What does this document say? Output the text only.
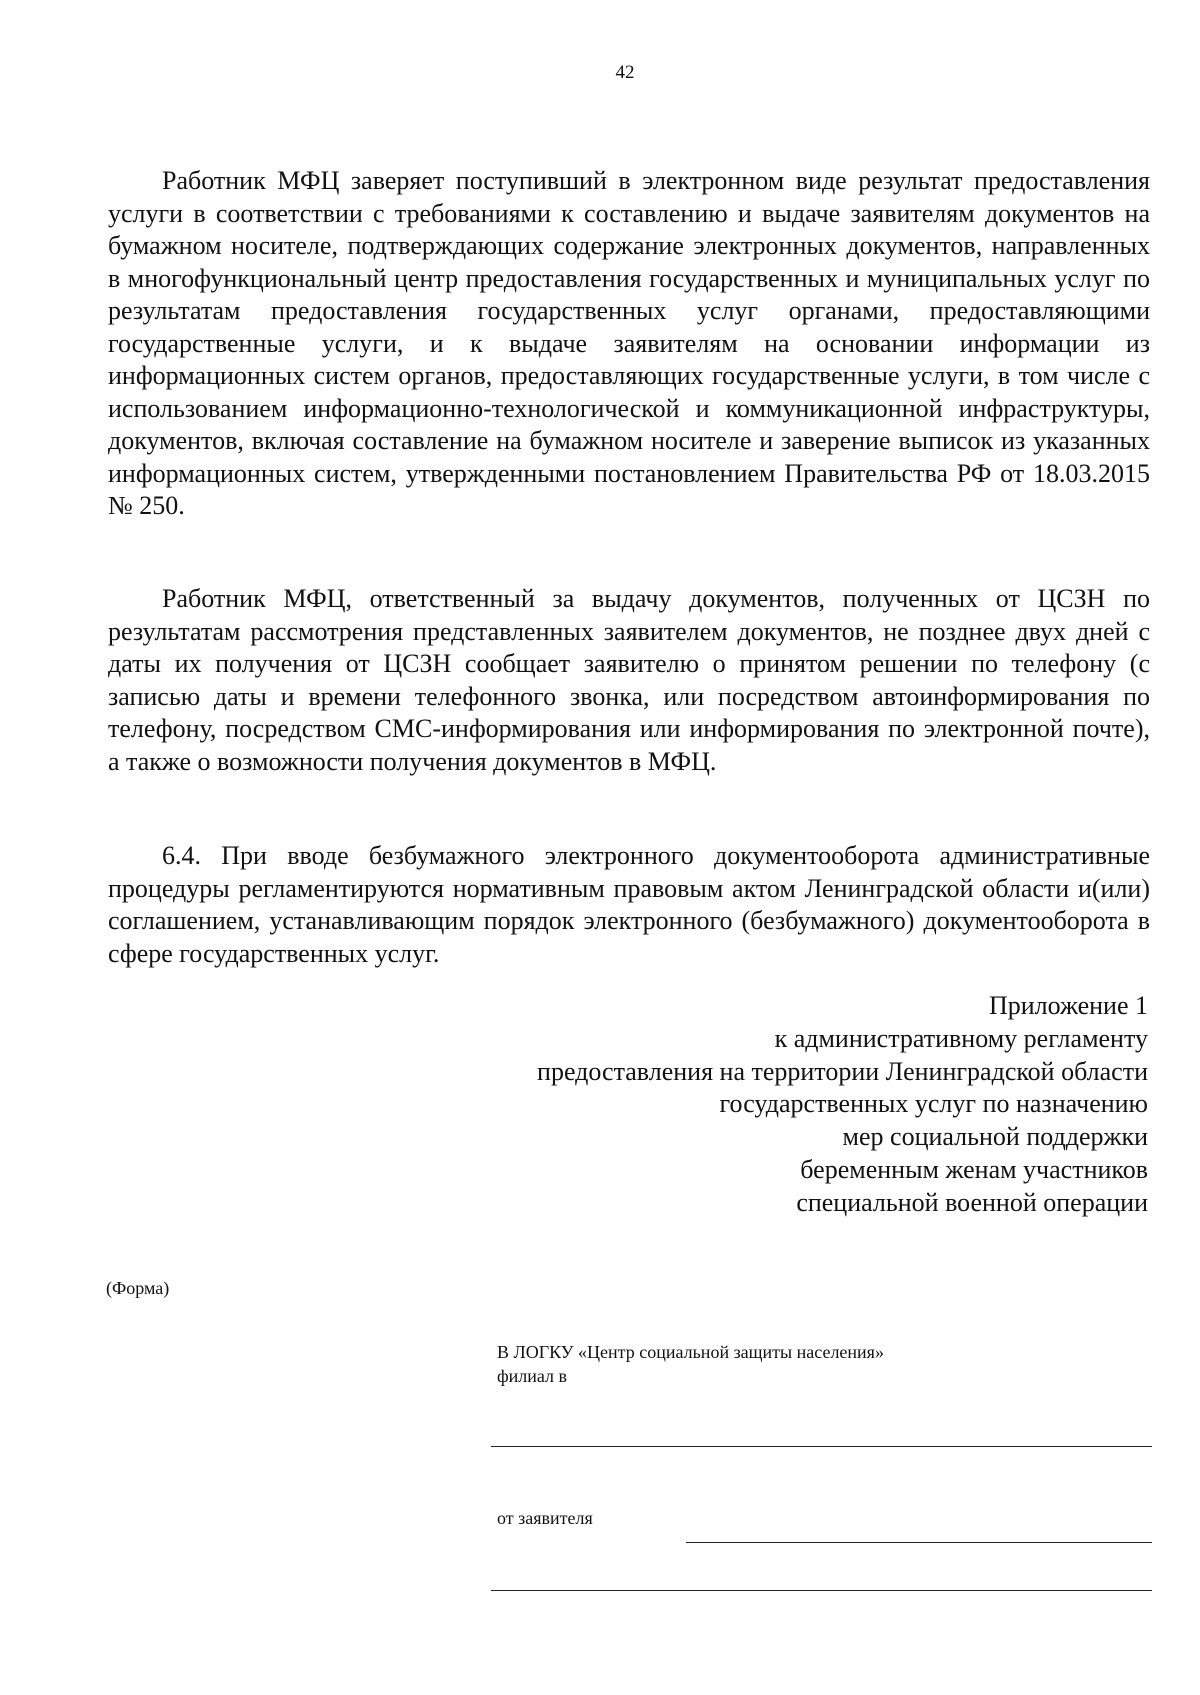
42

Работник МФЦ заверяет поступивший в электронном виде результат предоставления услуги в соответствии с требованиями к составлению и выдаче заявителям документов на бумажном носителе, подтверждающих содержание электронных документов, направленных в многофункциональный центр предоставления государственных и муниципальных услуг по результатам предоставления государственных услуг органами, предоставляющими государственные услуги, и к выдаче заявителям на основании информации из информационных систем органов, предоставляющих государственные услуги, в том числе с использованием информационно-технологической и коммуникационной инфраструктуры, документов, включая составление на бумажном носителе и заверение выписок из указанных информационных систем, утвержденными постановлением Правительства РФ от 18.03.2015 № 250.

Работник МФЦ, ответственный за выдачу документов, полученных от ЦСЗН по результатам рассмотрения представленных заявителем документов, не позднее двух дней с даты их получения от ЦСЗН сообщает заявителю о принятом решении по телефону (с записью даты и времени телефонного звонка, или посредством автоинформирования по телефону, посредством СМС-информирования или информирования по электронной почте), а также о возможности получения документов в МФЦ.

6.4. При вводе безбумажного электронного документооборота административные процедуры регламентируются нормативным правовым актом Ленинградской области и(или) соглашением, устанавливающим порядок электронного (безбумажного) документооборота в сфере государственных услуг.

Приложение 1
к административному регламенту
предоставления на территории Ленинградской области
государственных услуг по назначению
мер социальной поддержки
беременным женам участников
специальной военной операции
(Форма)
В ЛОГКУ «Центр социальной защиты населения»
филиал в
от заявителя
